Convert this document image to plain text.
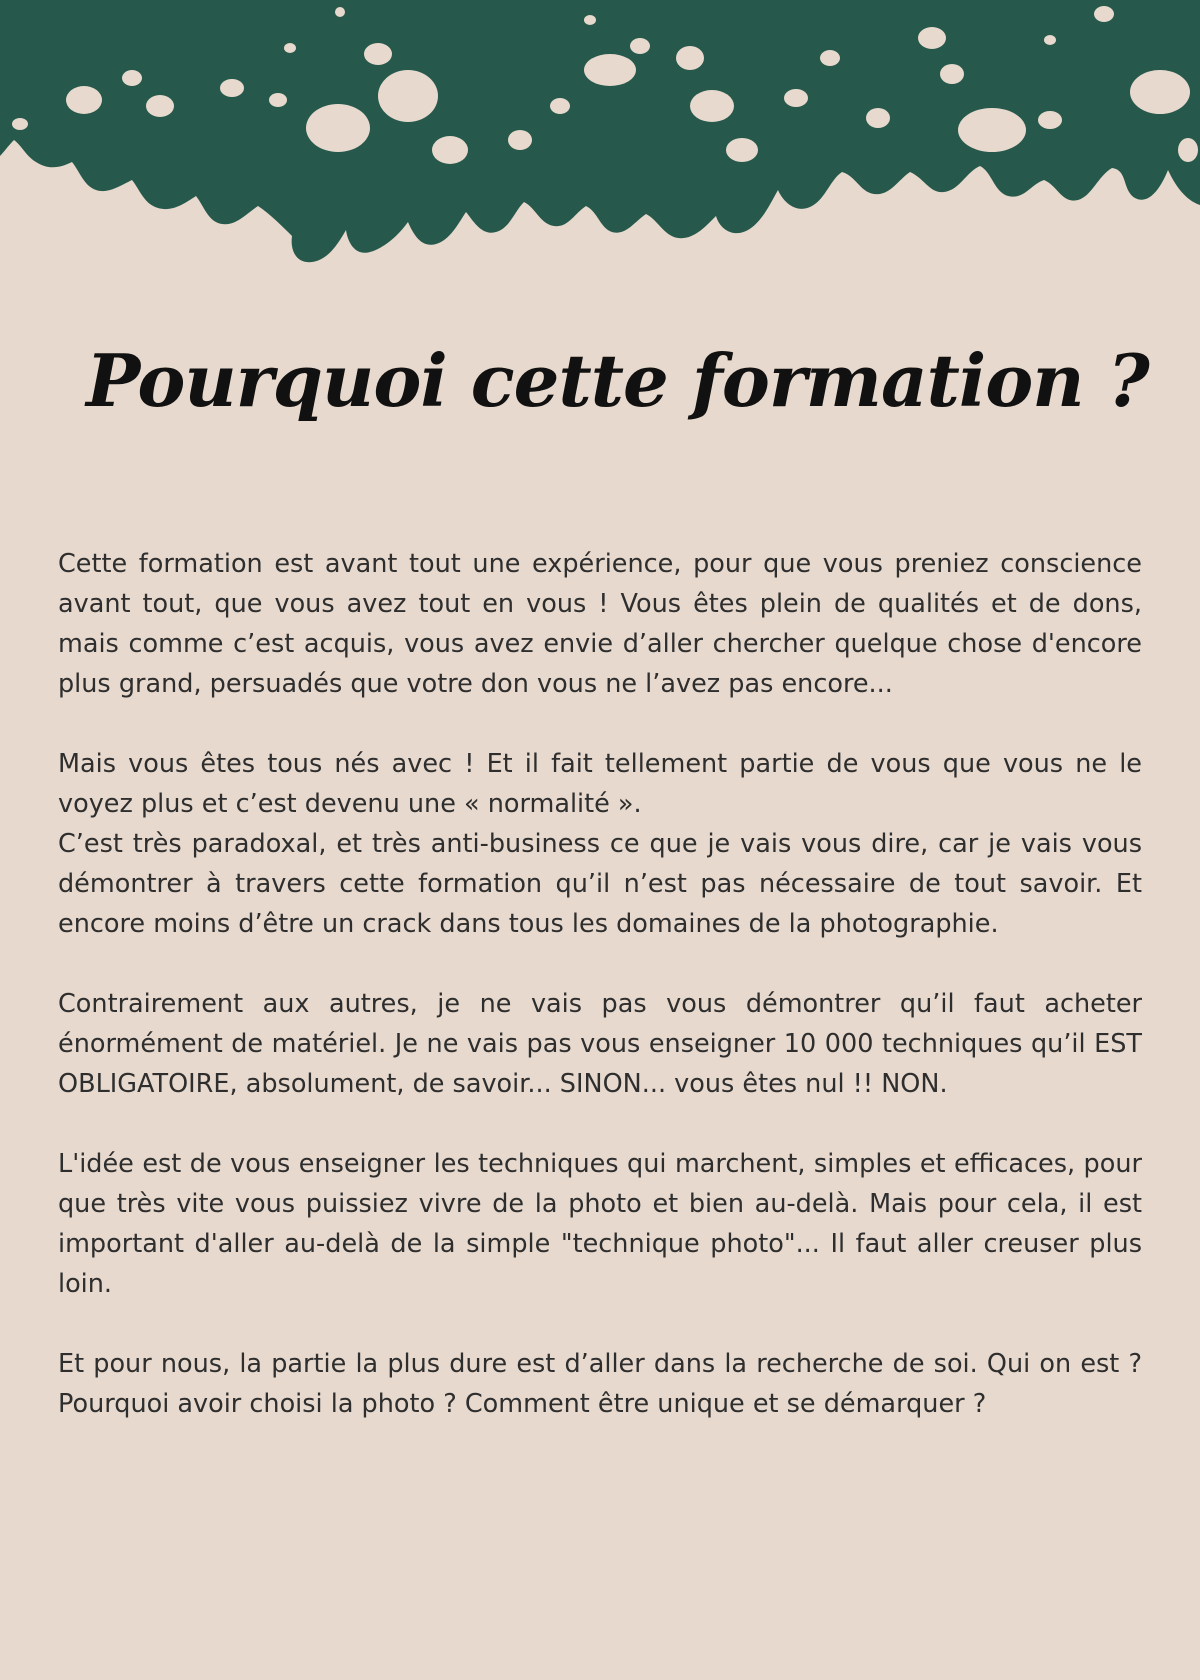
Pourquoi cette formation ?

Cette formation est avant tout une expérience, pour que vous preniez conscience avant tout, que vous avez tout en vous ! Vous êtes plein de qualités et de dons, mais comme c’est acquis, vous avez envie d’aller chercher quelque chose d'encore plus grand, persuadés que votre don vous ne l’avez pas encore...

Mais vous êtes tous nés avec ! Et il fait tellement partie de vous que vous ne le voyez plus et c’est devenu une « normalité ».

C’est très paradoxal, et très anti-business ce que je vais vous dire, car je vais vous démontrer à travers cette formation qu’il n’est pas nécessaire de tout savoir. Et encore moins d’être un crack dans tous les domaines de la photographie.

Contrairement aux autres, je ne vais pas vous démontrer qu’il faut acheter énormément de matériel. Je ne vais pas vous enseigner 10 000 techniques qu’il EST OBLIGATOIRE, absolument, de savoir... SINON... vous êtes nul !! NON.

L'idée est de vous enseigner les techniques qui marchent, simples et efficaces, pour que très vite vous puissiez vivre de la photo et bien au-delà. Mais pour cela, il est important d'aller au-delà de la simple "technique photo"... Il faut aller creuser plus loin.

Et pour nous, la partie la plus dure est d’aller dans la recherche de soi. Qui on est ? Pourquoi avoir choisi la photo ? Comment être unique et se démarquer ?
